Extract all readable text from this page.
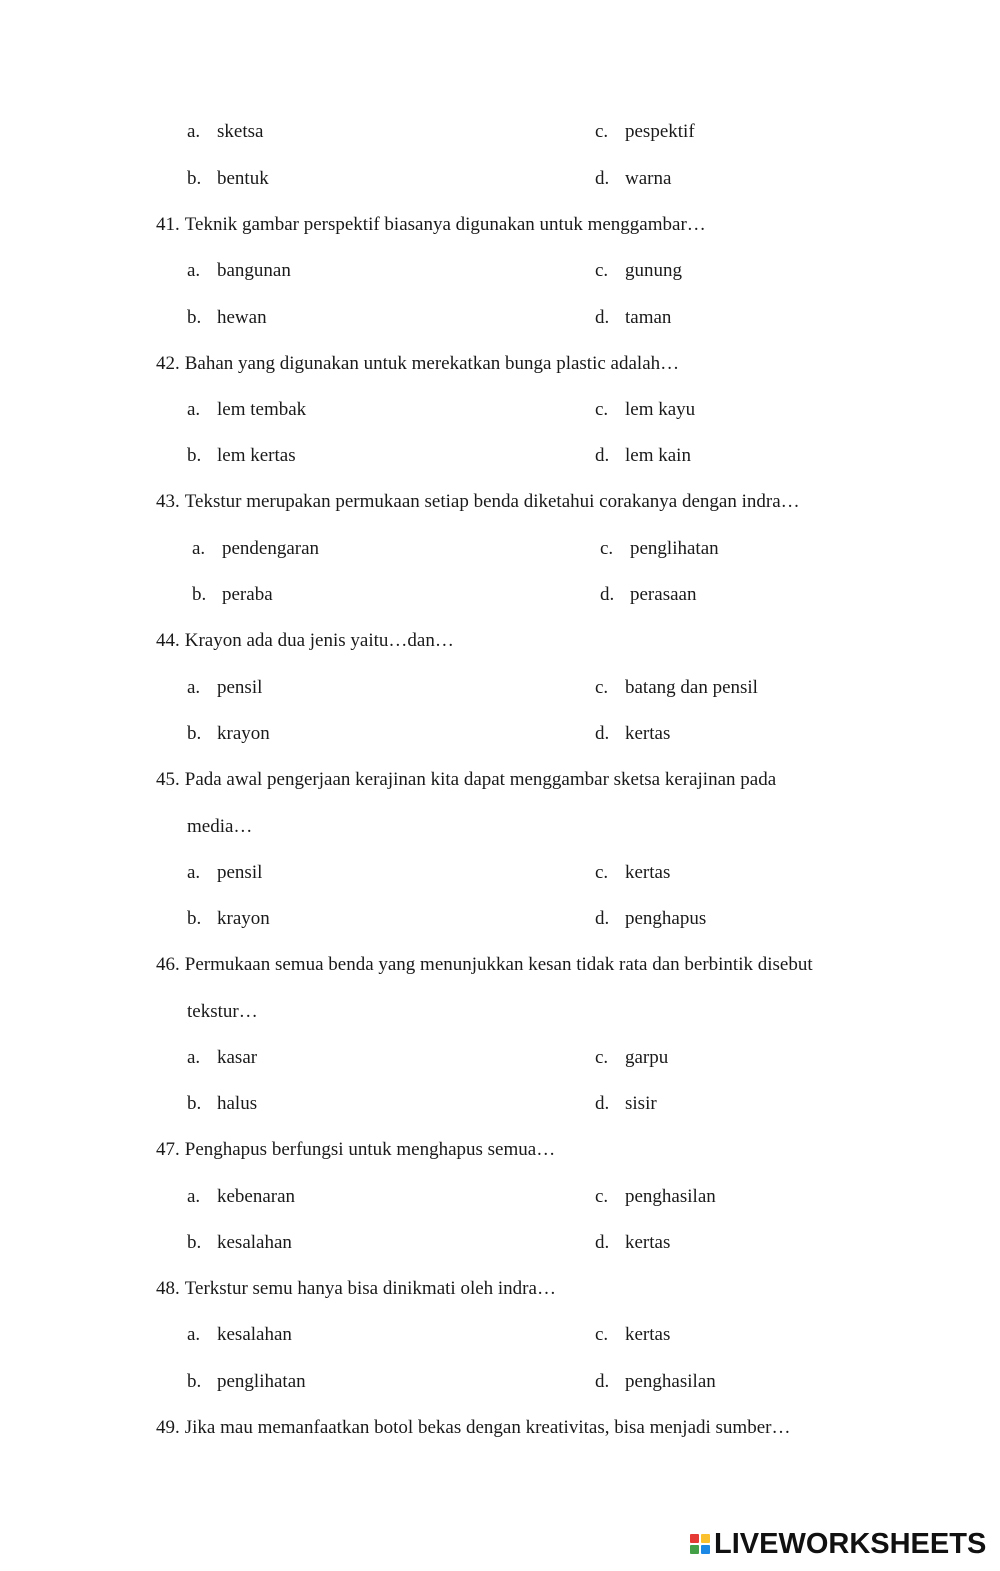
a. sketsa	c. pespektif
b. bentuk	d. warna
41. Teknik gambar perspektif biasanya digunakan untuk menggambar…
a. bangunan	c. gunung
b. hewan	d. taman
42. Bahan yang digunakan untuk merekatkan bunga plastic adalah…
a. lem tembak	c. lem kayu
b. lem kertas	d. lem kain
43. Tekstur merupakan permukaan setiap benda diketahui corakanya dengan indra…
a. pendengaran	c. penglihatan
b. peraba	d. perasaan
44. Krayon ada dua jenis yaitu…dan…
a. pensil	c. batang dan pensil
b. krayon	d. kertas
45. Pada awal pengerjaan kerajinan kita dapat menggambar sketsa kerajinan pada
media…
a. pensil	c. kertas
b. krayon	d. penghapus
46. Permukaan semua benda yang menunjukkan kesan tidak rata dan berbintik disebut
tekstur…
a. kasar	c. garpu
b. halus	d. sisir
47. Penghapus berfungsi untuk menghapus semua…
a. kebenaran	c. penghasilan
b. kesalahan	d. kertas
48. Terkstur semu hanya bisa dinikmati oleh indra…
a. kesalahan	c. kertas
b. penglihatan	d. penghasilan
49. Jika mau memanfaatkan botol bekas dengan kreativitas, bisa menjadi sumber…
LIVEWORKSHEETS
